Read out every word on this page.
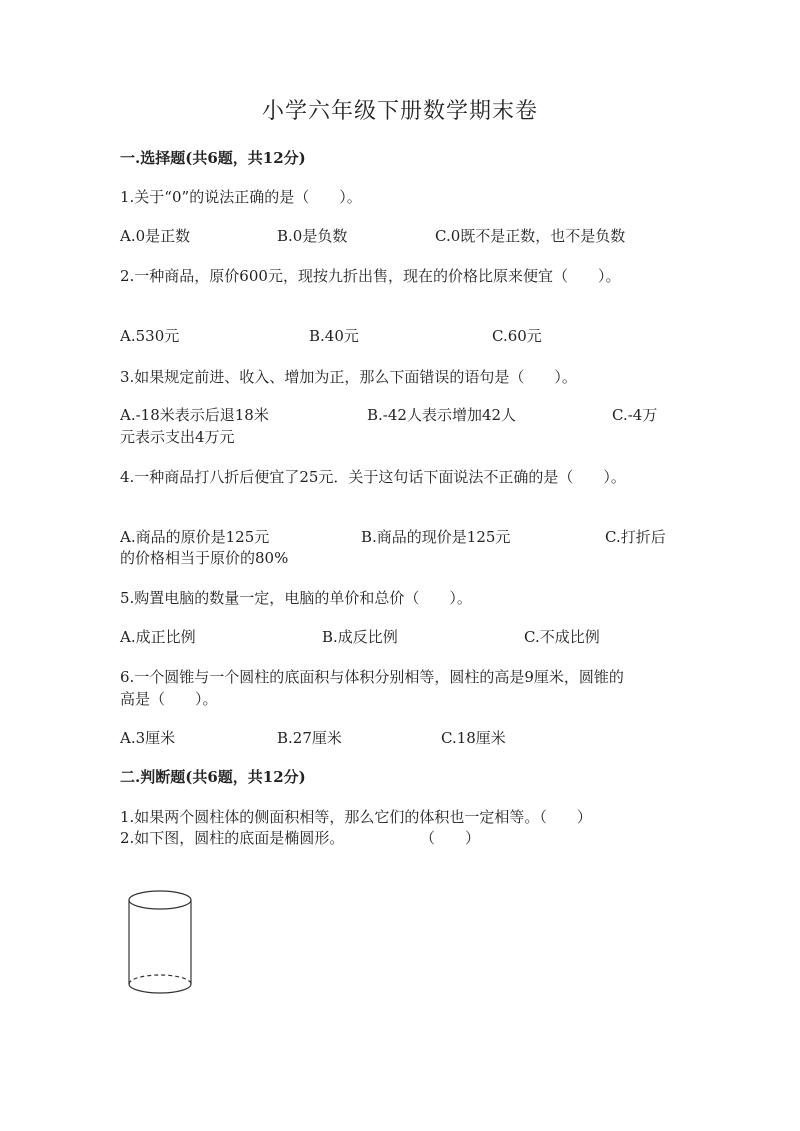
小学六年级下册数学期末卷
一.选择题(共6题，共12分)
1.关于“0”的说法正确的是（　　）。
A.0是正数	B.0是负数	C.0既不是正数，也不是负数
2.一种商品，原价600元，现按九折出售，现在的价格比原来便宜（　　）。
A.530元	B.40元	C.60元
3.如果规定前进、收入、增加为正，那么下面错误的语句是（　　）。
A.-18米表示后退18米	B.-42人表示增加42人	C.-4万
元表示支出4万元
4.一种商品打八折后便宜了25元．关于这句话下面说法不正确的是（　　）。
A.商品的原价是125元	B.商品的现价是125元	C.打折后
的价格相当于原价的80%
5.购置电脑的数量一定，电脑的单价和总价（　　）。
A.成正比例	B.成反比例	C.不成比例
6.一个圆锥与一个圆柱的底面积与体积分别相等，圆柱的高是9厘米，圆锥的
高是（　　）。
A.3厘米	B.27厘米	C.18厘米
二.判断题(共6题，共12分)
1.如果两个圆柱体的侧面积相等，那么它们的体积也一定相等。（　　）
2.如下图，圆柱的底面是椭圆形。	（　　）
